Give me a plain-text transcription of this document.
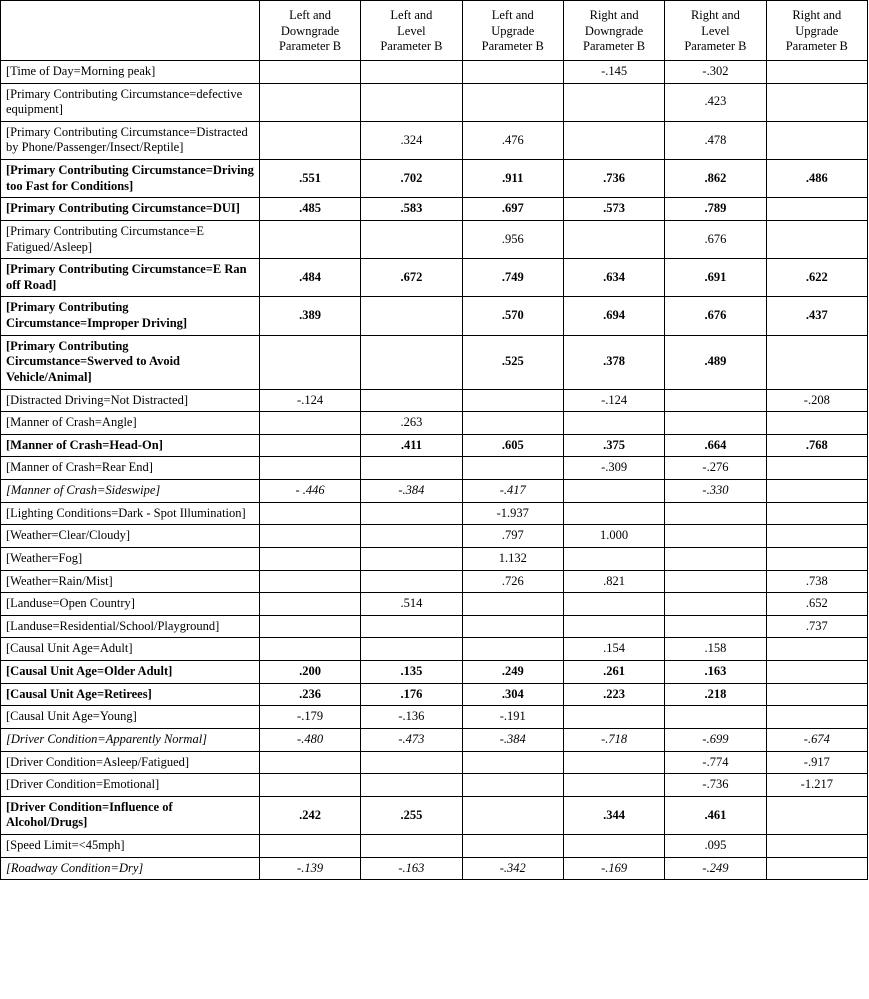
	Left and
Downgrade
Parameter B	Left and
Level
Parameter B	Left and
Upgrade
Parameter B	Right and
Downgrade
Parameter B	Right and
Level
Parameter B	Right and
Upgrade
Parameter B

[Time of Day=Morning peak]				-.145	-.302	
[Primary Contributing Circumstance=defective equipment]					.423	
[Primary Contributing Circumstance=Distracted by Phone/Passenger/Insect/Reptile]		.324	.476		.478	
[Primary Contributing Circumstance=Driving too Fast for Conditions]	.551	.702	.911	.736	.862	.486
[Primary Contributing Circumstance=DUI]	.485	.583	.697	.573	.789	
[Primary Contributing Circumstance=E Fatigued/Asleep]			.956		.676	
[Primary Contributing Circumstance=E Ran off Road]	.484	.672	.749	.634	.691	.622
[Primary Contributing Circumstance=Improper Driving]	.389		.570	.694	.676	.437
[Primary Contributing Circumstance=Swerved to Avoid Vehicle/Animal]			.525	.378	.489	
[Distracted Driving=Not Distracted]	-.124			-.124		-.208
[Manner of Crash=Angle]		.263				
[Manner of Crash=Head-On]		.411	.605	.375	.664	.768
[Manner of Crash=Rear End]				-.309	-.276	
[Manner of Crash=Sideswipe]	- .446	-.384	-.417		-.330	
[Lighting Conditions=Dark - Spot Illumination]			-1.937			
[Weather=Clear/Cloudy]			.797	1.000		
[Weather=Fog]			1.132			
[Weather=Rain/Mist]			.726	.821		.738
[Landuse=Open Country]		.514				.652
[Landuse=Residential/School/Playground]						.737
[Causal Unit Age=Adult]				.154	.158	
[Causal Unit Age=Older Adult]	.200	.135	.249	.261	.163	
[Causal Unit Age=Retirees]	.236	.176	.304	.223	.218	
[Causal Unit Age=Young]	-.179	-.136	-.191			
[Driver Condition=Apparently Normal]	-.480	-.473	-.384	-.718	-.699	-.674
[Driver Condition=Asleep/Fatigued]					-.774	-.917
[Driver Condition=Emotional]					-.736	-1.217
[Driver Condition=Influence of Alcohol/Drugs]	.242	.255		.344	.461	
[Speed Limit=<45mph]					.095	
[Roadway Condition=Dry]	-.139	-.163	-.342	-.169	-.249	
